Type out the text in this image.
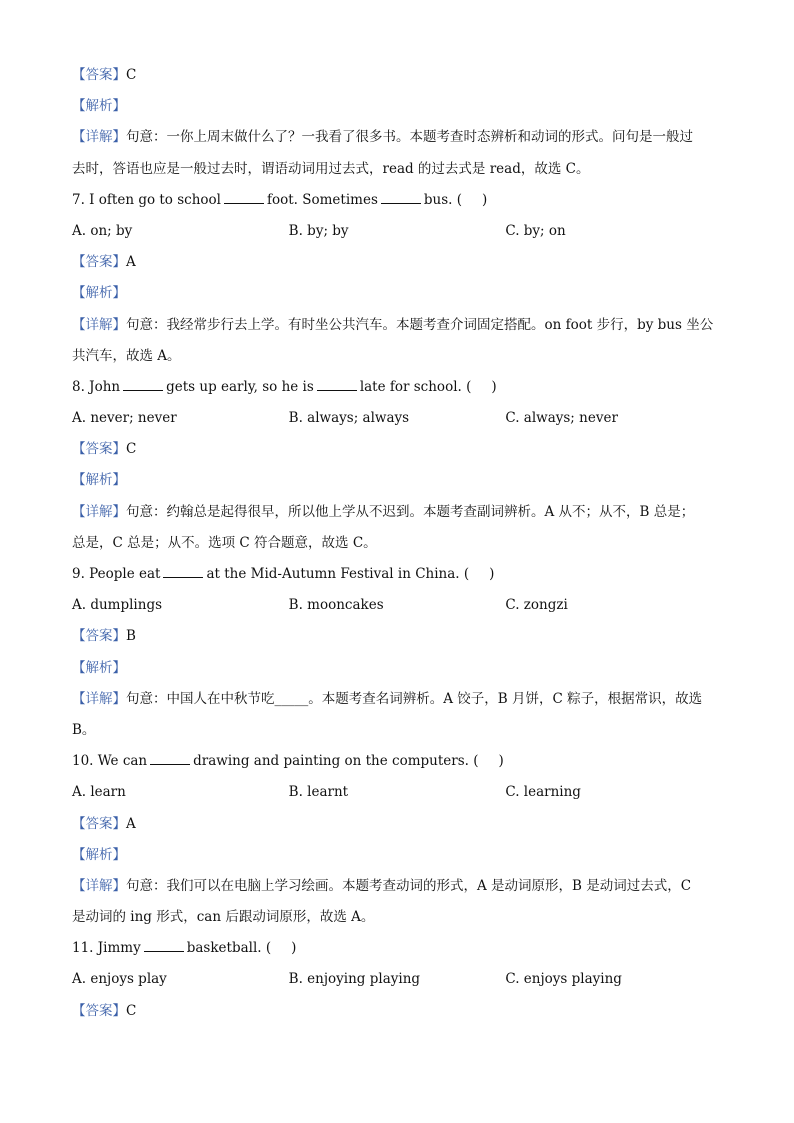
【答案】C
【解析】
【详解】句意：一你上周末做什么了？一我看了很多书。本题考查时态辨析和动词的形式。问句是一般过
去时，答语也应是一般过去时，谓语动词用过去式，read 的过去式是 read，故选 C。
7. I often go to school	foot. Sometimes	bus. ( )
A. on; by	B. by; by	C. by; on
【答案】A
【解析】
【详解】句意：我经常步行去上学。有时坐公共汽车。本题考查介词固定搭配。on foot 步行，by bus 坐公
共汽车，故选 A。
8. John	gets up early, so he is	late for school. ( )
A. never; never	B. always; always	C. always; never
【答案】C
【解析】
【详解】句意：约翰总是起得很早，所以他上学从不迟到。本题考查副词辨析。A 从不；从不，B 总是；
总是，C 总是；从不。选项 C 符合题意，故选 C。
9. People eat	at the Mid-Autumn Festival in China. ( )
A. dumplings	B. mooncakes	C. zongzi
【答案】B
【解析】
【详解】句意：中国人在中秋节吃_____。本题考查名词辨析。A 饺子，B 月饼，C 粽子，根据常识，故选
B。
10. We can	drawing and painting on the computers. ( )
A. learn	B. learnt	C. learning
【答案】A
【解析】
【详解】句意：我们可以在电脑上学习绘画。本题考查动词的形式，A 是动词原形，B 是动词过去式，C
是动词的 ing 形式，can 后跟动词原形，故选 A。
11. Jimmy	basketball. ( )
A. enjoys play	B. enjoying playing	C. enjoys playing
【答案】C
